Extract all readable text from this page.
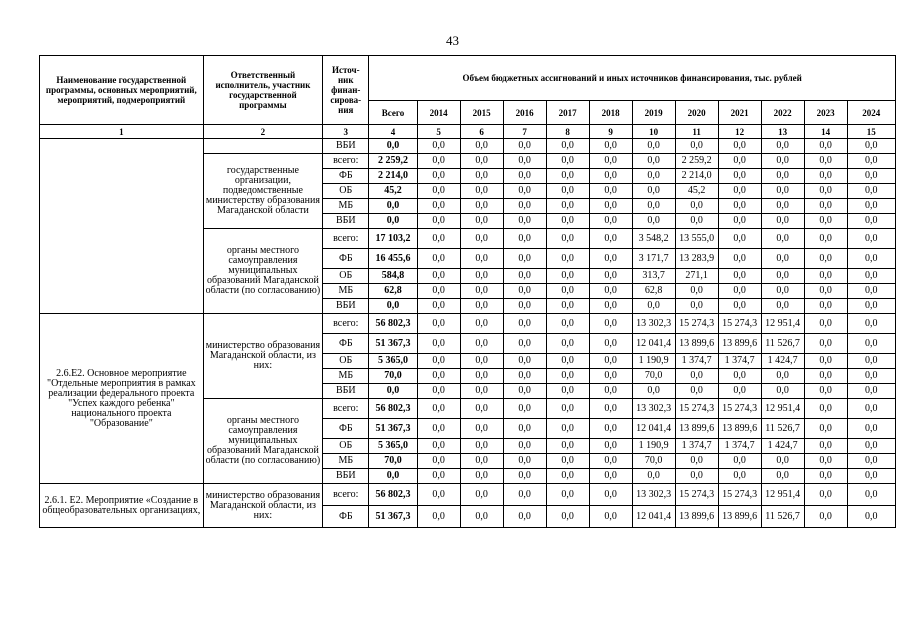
43
Наименование государственной программы, основных мероприятий, мероприятий, подмероприятий	Ответственный исполнитель, участник государственной программы	Источ-ник финан-сирова-ния	Объем бюджетных ассигнований и иных источников финансирования, тыс. рублей											
			Всего	2014	2015	2016	2017	2018	2019	2020	2021	2022	2023	2024
1	2	3	4	5	6	7	8	9	10	11	12	13	14	15
		ВБИ	0,0	0,0	0,0	0,0	0,0	0,0	0,0	0,0	0,0	0,0	0,0	0,0
	государственные организации, подведомственные министерству образования Магаданской области	всего:	2 259,2	0,0	0,0	0,0	0,0	0,0	0,0	2 259,2	0,0	0,0	0,0	0,0
		ФБ	2 214,0	0,0	0,0	0,0	0,0	0,0	0,0	2 214,0	0,0	0,0	0,0	0,0
		ОБ	45,2	0,0	0,0	0,0	0,0	0,0	0,0	45,2	0,0	0,0	0,0	0,0
		МБ	0,0	0,0	0,0	0,0	0,0	0,0	0,0	0,0	0,0	0,0	0,0	0,0
		ВБИ	0,0	0,0	0,0	0,0	0,0	0,0	0,0	0,0	0,0	0,0	0,0	0,0
	органы местного самоуправления муниципальных образований Магаданской области (по согласованию)	всего:	17 103,2	0,0	0,0	0,0	0,0	0,0	3 548,2	13 555,0	0,0	0,0	0,0	0,0
		ФБ	16 455,6	0,0	0,0	0,0	0,0	0,0	3 171,7	13 283,9	0,0	0,0	0,0	0,0
		ОБ	584,8	0,0	0,0	0,0	0,0	0,0	313,7	271,1	0,0	0,0	0,0	0,0
		МБ	62,8	0,0	0,0	0,0	0,0	0,0	62,8	0,0	0,0	0,0	0,0	0,0
		ВБИ	0,0	0,0	0,0	0,0	0,0	0,0	0,0	0,0	0,0	0,0	0,0	0,0
2.6.E2. Основное мероприятие "Отдельные мероприятия в рамках реализации федерального проекта "Успех каждого ребенка" национального проекта "Образование"	министерство образования Магаданской области, из них:	всего:	56 802,3	0,0	0,0	0,0	0,0	0,0	13 302,3	15 274,3	15 274,3	12 951,4	0,0	0,0
		ФБ	51 367,3	0,0	0,0	0,0	0,0	0,0	12 041,4	13 899,6	13 899,6	11 526,7	0,0	0,0
		ОБ	5 365,0	0,0	0,0	0,0	0,0	0,0	1 190,9	1 374,7	1 374,7	1 424,7	0,0	0,0
		МБ	70,0	0,0	0,0	0,0	0,0	0,0	70,0	0,0	0,0	0,0	0,0	0,0
		ВБИ	0,0	0,0	0,0	0,0	0,0	0,0	0,0	0,0	0,0	0,0	0,0	0,0
	органы местного самоуправления муниципальных образований Магаданской области (по согласованию)	всего:	56 802,3	0,0	0,0	0,0	0,0	0,0	13 302,3	15 274,3	15 274,3	12 951,4	0,0	0,0
		ФБ	51 367,3	0,0	0,0	0,0	0,0	0,0	12 041,4	13 899,6	13 899,6	11 526,7	0,0	0,0
		ОБ	5 365,0	0,0	0,0	0,0	0,0	0,0	1 190,9	1 374,7	1 374,7	1 424,7	0,0	0,0
		МБ	70,0	0,0	0,0	0,0	0,0	0,0	70,0	0,0	0,0	0,0	0,0	0,0
		ВБИ	0,0	0,0	0,0	0,0	0,0	0,0	0,0	0,0	0,0	0,0	0,0	0,0
2.6.1. Е2. Мероприятие «Создание в общеобразовательных организациях,	министерство образования Магаданской области, из них:	всего:	56 802,3	0,0	0,0	0,0	0,0	0,0	13 302,3	15 274,3	15 274,3	12 951,4	0,0	0,0
		ФБ	51 367,3	0,0	0,0	0,0	0,0	0,0	12 041,4	13 899,6	13 899,6	11 526,7	0,0	0,0
